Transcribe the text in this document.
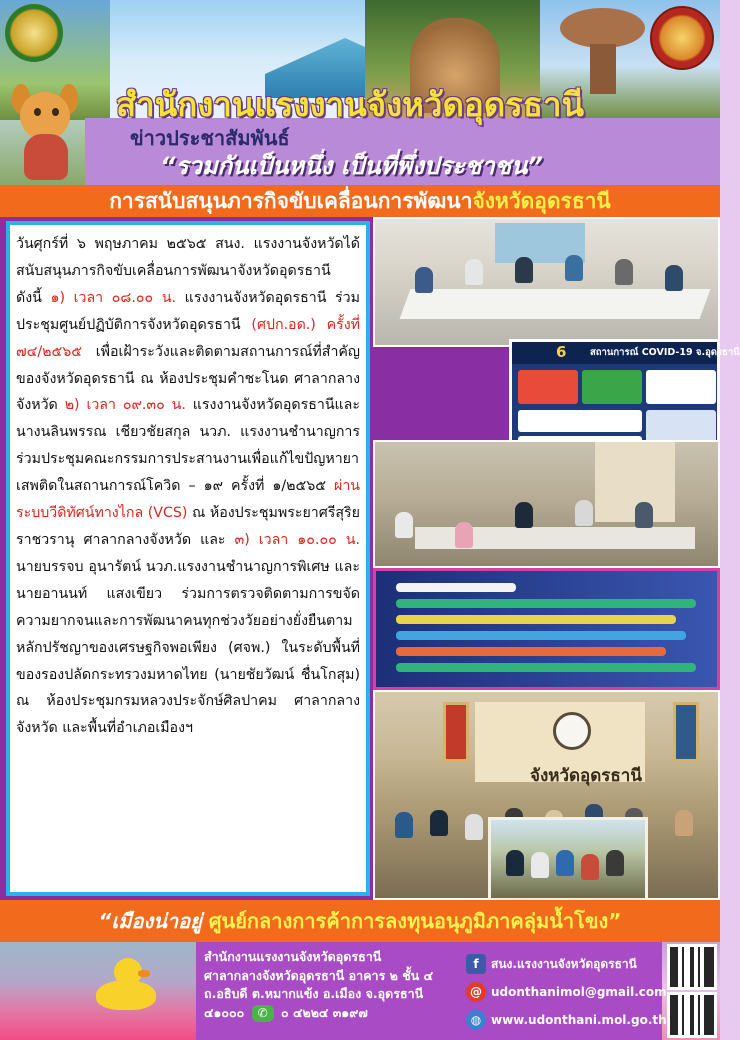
สำนักงานแรงงานจังหวัดอุดรธานี
ข่าวประชาสัมพันธ์
“รวมกันเป็นหนึ่ง เป็นที่พึ่งประชาชน”
การสนับสนุนภารกิจขับเคลื่อนการพัฒนาจังหวัดอุดรธานี
วันศุกร์ที่ ๖ พฤษภาคม ๒๕๖๕ สนง. แรงงานจังหวัดได้สนับสนุนภารกิจขับเคลื่อนการพัฒนาจังหวัดอุดรธานี ดังนี้ ๑) เวลา ๐๘.๐๐ น. แรงงานจังหวัดอุดรธานี ร่วมประชุมศูนย์ปฏิบัติการจังหวัดอุดรธานี (ศปก.อด.) ครั้งที่ ๗๔/๒๕๖๕ เพื่อเฝ้าระวังและติดตามสถานการณ์ที่สำคัญของจังหวัดอุดรธานี ณ ห้องประชุมคำชะโนด ศาลากลางจังหวัด ๒) เวลา ๐๙.๓๐ น. แรงงานจังหวัดอุดรธานีและนางนลินพรรณ เชียวชัยสกุล นวภ. แรงงานชำนาญการ ร่วมประชุมคณะกรรมการประสานงานเพื่อแก้ไขปัญหายาเสพติดในสถานการณ์โควิด – ๑๙ ครั้งที่ ๑/๒๕๖๕ ผ่านระบบวีดิทัศน์ทางไกล (VCS) ณ ห้องประชุมพระยาศรีสุริยราชวรานุ ศาลากลางจังหวัด และ ๓) เวลา ๑๐.๐๐ น. นายบรรจบ อุนารัตน์ นวภ.แรงงานชำนาญการพิเศษ และนายอานนท์ แสงเขียว ร่วมการตรวจติดตามการขจัดความยากจนและการพัฒนาคนทุกช่วงวัยอย่างยั่งยืนตามหลักปรัชญาของเศรษฐกิจพอเพียง (ศจพ.) ในระดับพื้นที่ ของรองปลัดกระทรวงมหาดไทย (นายชัยวัฒน์ ชื่นโกสุม) ณ ห้องประชุมกรมหลวงประจักษ์ศิลปาคม ศาลากลางจังหวัด และพื้นที่อำเภอเมืองฯ
6 สถานการณ์ COVID-19 จ.อุดรธานี
จังหวัดอุดรธานี
“เมืองน่าอยู่ ศูนย์กลางการค้าการลงทุนอนุภูมิภาคลุ่มน้ำโขง”
สำนักงานแรงงานจังหวัดอุดรธานี
ศาลากลางจังหวัดอุดรธานี อาคาร ๒ ชั้น ๔
ถ.อธิบดี ต.หมากแข้ง อ.เมือง จ.อุดรธานี
๔๑๐๐๐ ✆ ๐ ๔๒๒๔ ๓๑๙๗
f	สนง.แรงงานจังหวัดอุดรธานี
@ udonthanimol@gmail.com
◍ www.udonthani.mol.go.th
